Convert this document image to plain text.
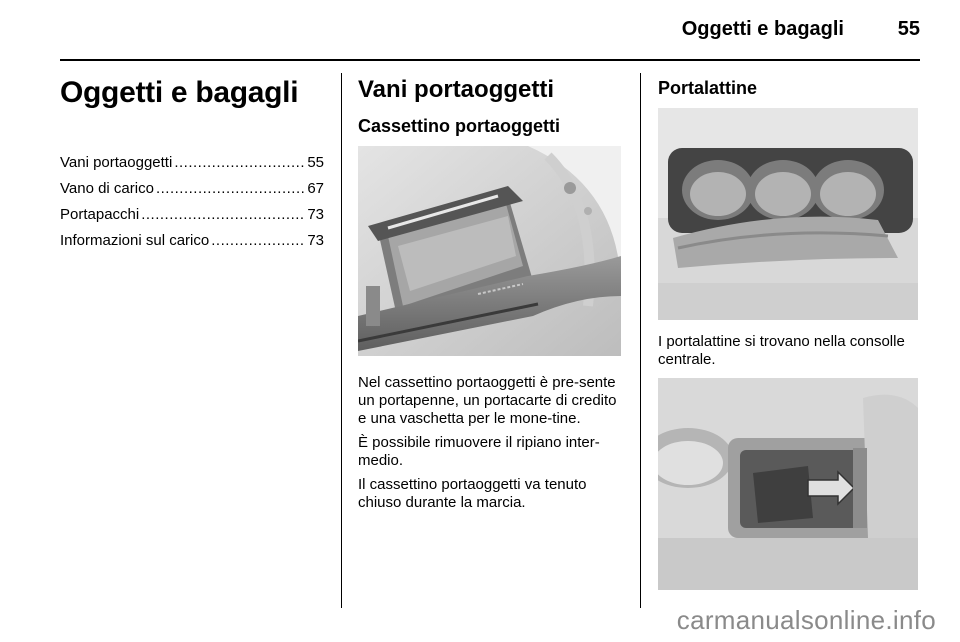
Oggetti e bagagli	55
Oggetti e bagagli
Vani portaoggetti .....	55
Vano di carico .....	67
Portapacchi .....	73
Informazioni sul carico .....	73
Vani portaoggetti
Cassettino portaoggetti

Nel cassettino portaoggetti è pre-sente un portapenne, un portacarte di credito e una vaschetta per le mone-tine.

È possibile rimuovere il ripiano inter-medio.

Il cassettino portaoggetti va tenuto chiuso durante la marcia.

Portalattine
I portalattine si trovano nella consolle centrale.
carmanualsonline.info
